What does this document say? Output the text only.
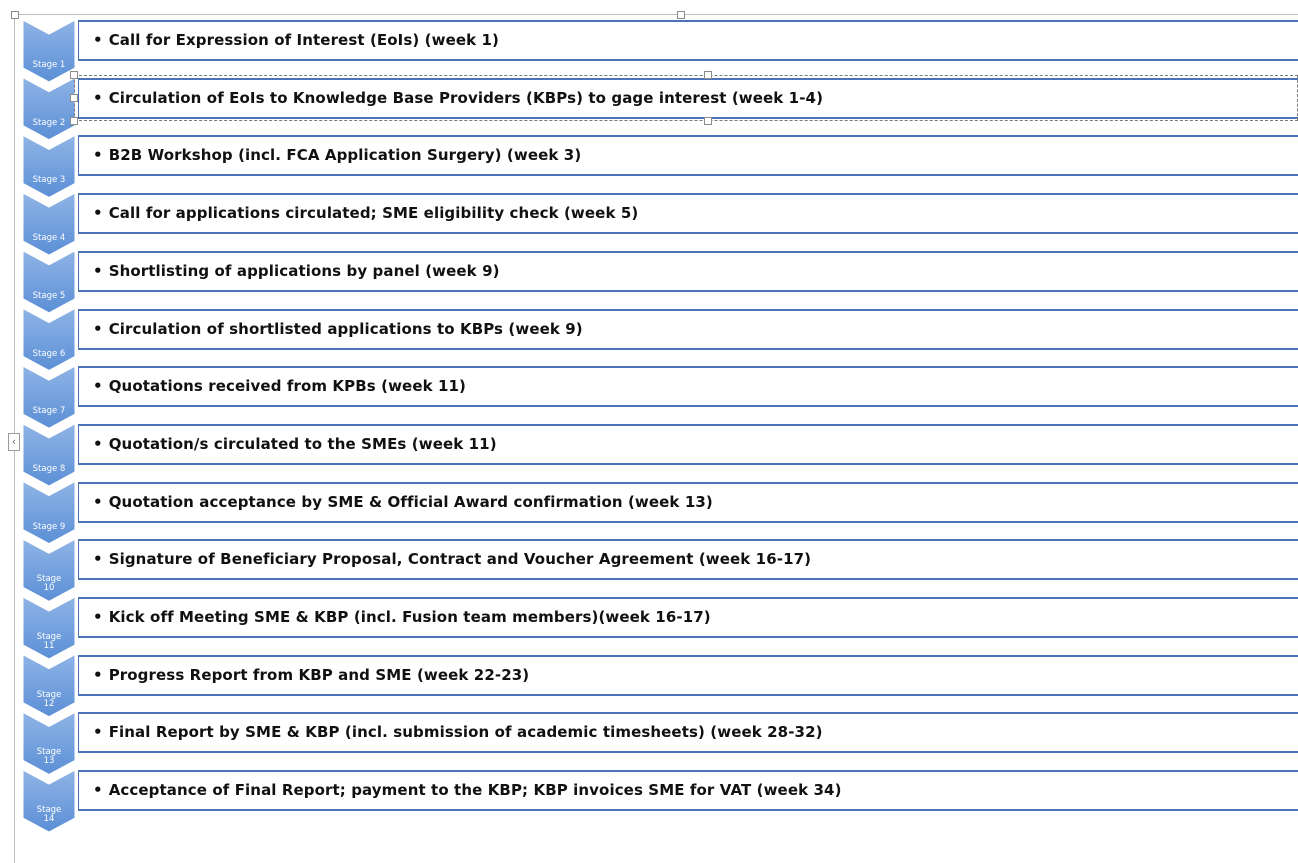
Stage 1
Stage 2
Stage 3
Stage 4
Stage 5
Stage 6
Stage 7
Stage 8
Stage 9
Stage 10
Stage 11
Stage 12
Stage 13
Stage 14
• Call for Expression of Interest (EoIs) (week 1)
• Circulation of EoIs to Knowledge Base Providers (KBPs) to gage interest (week 1-4)
• B2B Workshop (incl. FCA Application Surgery) (week 3)
• Call for applications circulated; SME eligibility check (week 5)
• Shortlisting of applications by panel (week 9)
• Circulation of shortlisted applications to KBPs (week 9)
• Quotations received from KPBs (week 11)
• Quotation/s circulated to the SMEs (week 11)
• Quotation acceptance by SME & Official Award confirmation (week 13)
• Signature of Beneficiary Proposal, Contract and Voucher Agreement (week 16-17)
• Kick off Meeting SME & KBP (incl. Fusion team members)(week 16-17)
• Progress Report from KBP and SME (week 22-23)
• Final Report by SME & KBP (incl. submission of academic timesheets) (week 28-32)
• Acceptance of Final Report; payment to the KBP; KBP invoices SME for VAT (week 34)
‹
